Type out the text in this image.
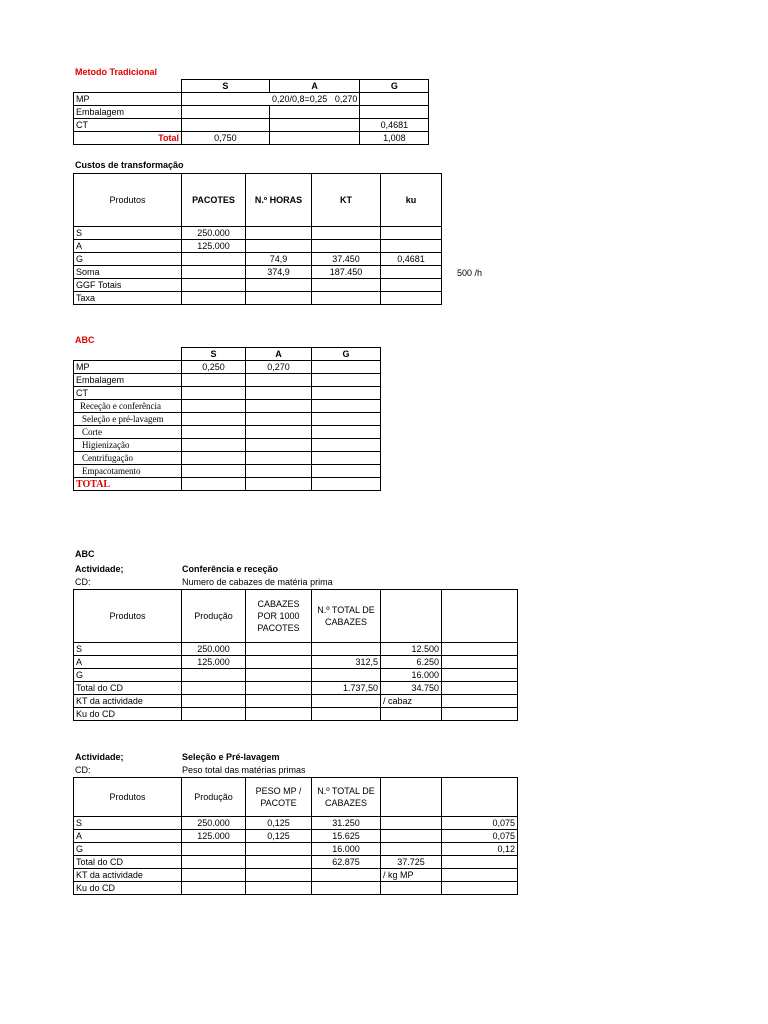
Metodo Tradicional
	S	A	G
MP	0,20/0,8=0,25 0,270		
Embalagem			
CT			0,4681
Total	0,750		1,008
Custos de transformação
Produtos	PACOTES	N.º HORAS	KT	ku
S	250.000			
A	125.000			
G		74,9	37.450	0,4681
Soma		374,9	187.450	
GGF Totais				
Taxa				
500 /h
ABC
	S	A	G
MP	0,250	0,270	
Embalagem			
CT			
Receção e conferência			
Seleção e pré-lavagem			
Corte			
Higienização			
Centrifugação			
Empacotamento			
TOTAL			
ABC
Actividade;	Conferência e receção
CD:	Numero de cabazes de matéria prima
Produtos	Produção	CABAZES POR 1000 PACOTES	N.º TOTAL DE CABAZES		
S	250.000			12.500	
A	125.000		312,5	6.250	
G				16.000	
Total do CD			1.737,50	34.750	
KT da actividade				/ cabaz	
Ku do CD					
Actividade;	Seleção e Pré-lavagem
CD:	Peso total das matérias primas
Produtos	Produção	PESO MP / PACOTE	N.º TOTAL DE CABAZES		
S	250.000	0,125	31.250		0,075
A	125.000	0,125	15.625		0,075
G			16.000		0,12
Total do CD			62.875	37.725	
KT da actividade				/ kg MP	
Ku do CD					
